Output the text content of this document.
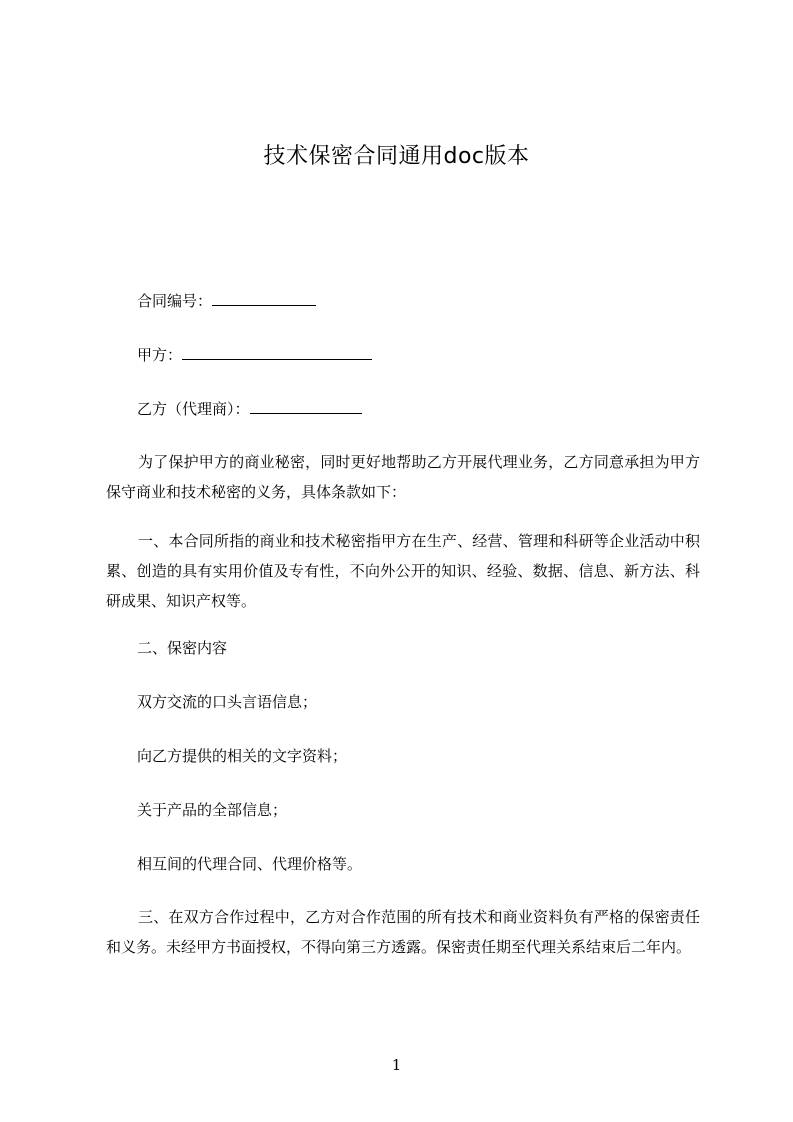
技术保密合同通用doc版本
合同编号：
甲方：
乙方（代理商）：
为了保护甲方的商业秘密，同时更好地帮助乙方开展代理业务，乙方同意承担为甲方保守商业和技术秘密的义务，具体条款如下：
一、本合同所指的商业和技术秘密指甲方在生产、经营、管理和科研等企业活动中积累、创造的具有实用价值及专有性，不向外公开的知识、经验、数据、信息、新方法、科研成果、知识产权等。
二、保密内容
双方交流的口头言语信息；
向乙方提供的相关的文字资料；
关于产品的全部信息；
相互间的代理合同、代理价格等。
三、在双方合作过程中，乙方对合作范围的所有技术和商业资料负有严格的保密责任和义务。未经甲方书面授权，不得向第三方透露。保密责任期至代理关系结束后二年内。
1
